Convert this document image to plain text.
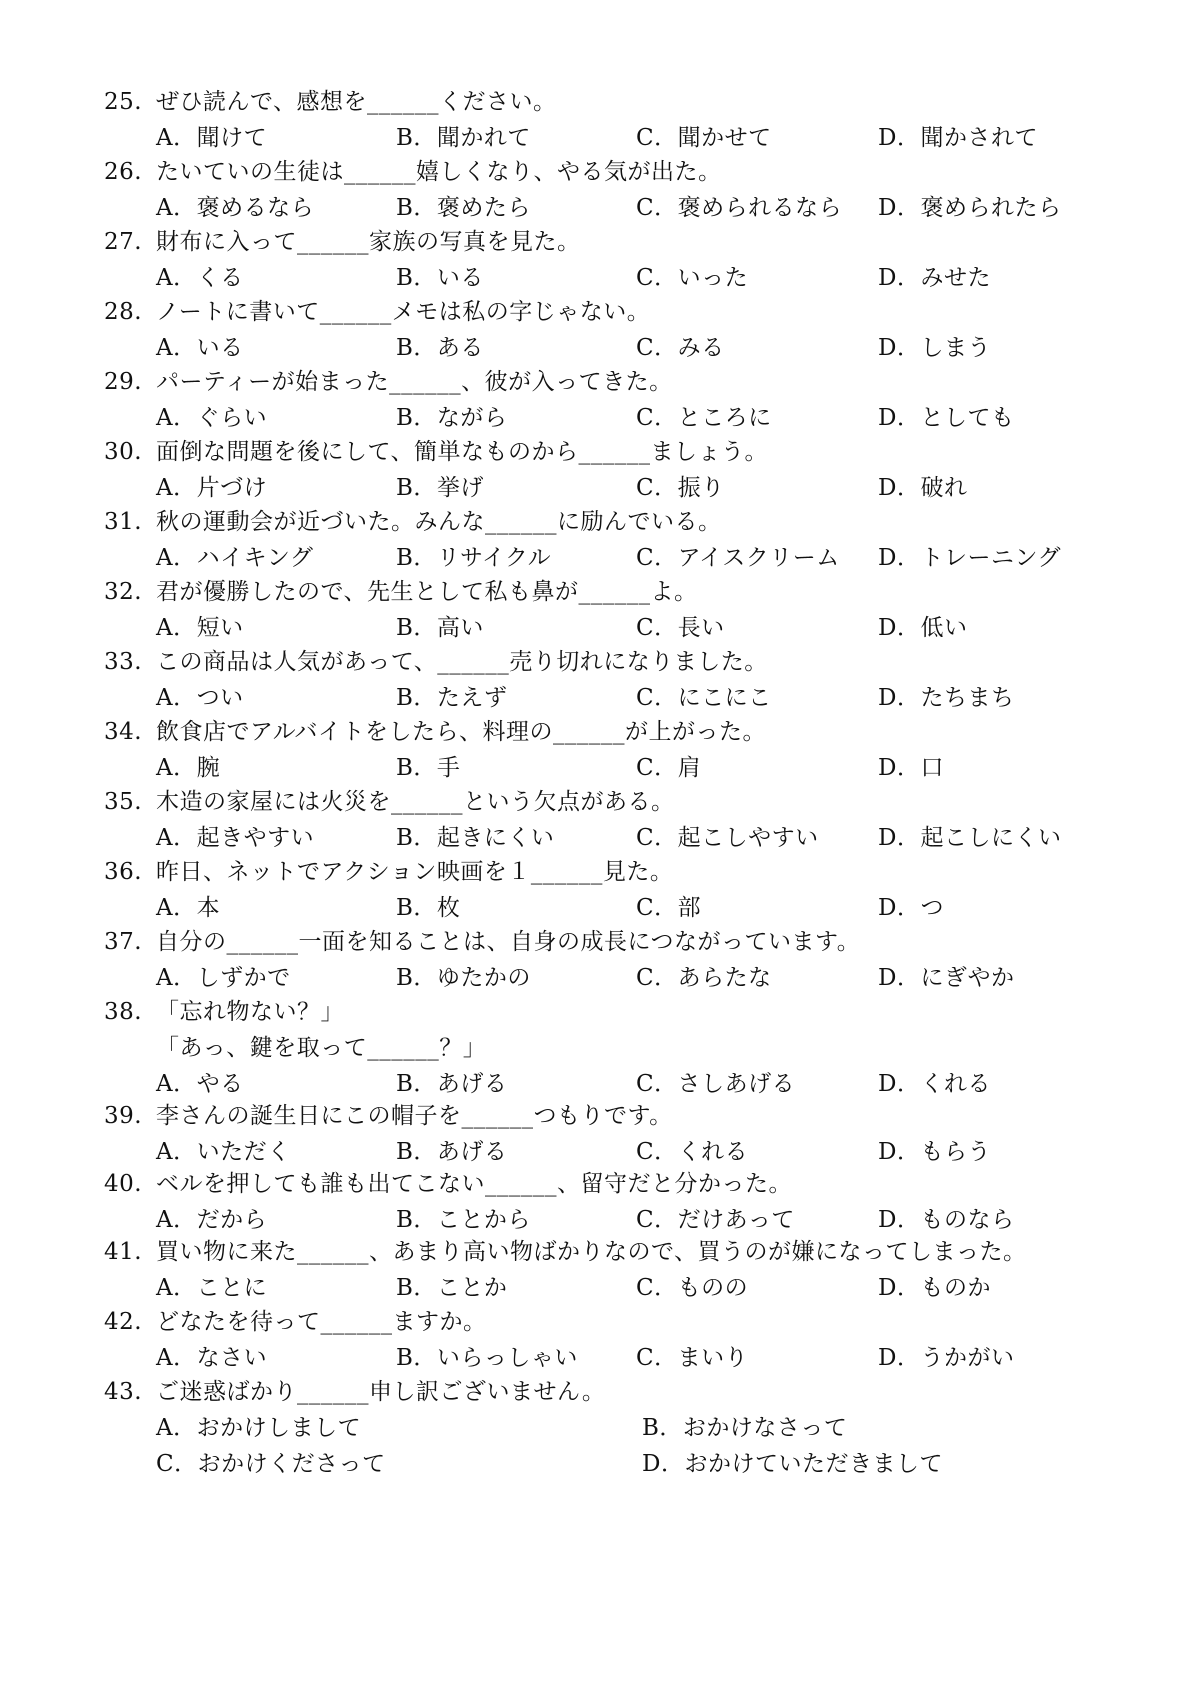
25. ぜひ読んで、感想を______ください。
A．聞けて	B．聞かれて	C．聞かせて	D．聞かされて
26. たいていの生徒は______嬉しくなり、やる気が出た。
A．褒めるなら	B．褒めたら	C．褒められるなら D．褒められたら
27. 財布に入って______家族の写真を見た。
A．くる	B．いる	C．いった	D．みせた
28. ノートに書いて______メモは私の字じゃない。
A．いる	B．ある	C．みる	D．しまう
29. パーティーが始まった______、彼が入ってきた。
A．ぐらい	B．ながら	C．ところに	D．としても
30. 面倒な問題を後にして、簡単なものから______ましょう。
A．片づけ	B．挙げ	C．振り	D．破れ
31. 秋の運動会が近づいた。みんな______に励んでいる。
A．ハイキング	B．リサイクル	C．アイスクリーム D．トレーニング
32. 君が優勝したので、先生として私も鼻が______よ。
A．短い	B．高い	C．長い	D．低い
33. この商品は人気があって、______売り切れになりました。
A．つい	B．たえず	C．にこにこ	D．たちまち
34. 飲食店でアルバイトをしたら、料理の______が上がった。
A．腕	B．手	C．肩	D．口
35. 木造の家屋には火災を______という欠点がある。
A．起きやすい	B．起きにくい	C．起こしやすい	D．起こしにくい
36. 昨日、ネットでアクション映画を１______見た。
A．本	B．枚	C．部	D．つ
37. 自分の______一面を知ることは、自身の成長につながっています。
A．しずかで	B．ゆたかの	C．あらたな	D．にぎやか
38. 「忘れ物ない？」
「あっ、鍵を取って______？」
A．やる	B．あげる	C．さしあげる	D．くれる
39. 李さんの誕生日にこの帽子を______つもりです。
A．いただく	B．あげる	C．くれる	D．もらう
40. ベルを押しても誰も出てこない______、留守だと分かった。
A．だから	B．ことから	C．だけあって	D．ものなら
41. 買い物に来た______、あまり高い物ばかりなので、買うのが嫌になってしまった。
A．ことに	B．ことか	C．ものの	D．ものか
42. どなたを待って______ますか。
A．なさい	B．いらっしゃい	C．まいり	D．うかがい
43. ご迷惑ばかり______申し訳ございません。
A．おかけしまして	B．おかけなさって
C．おかけくださって	D．おかけていただきまして
